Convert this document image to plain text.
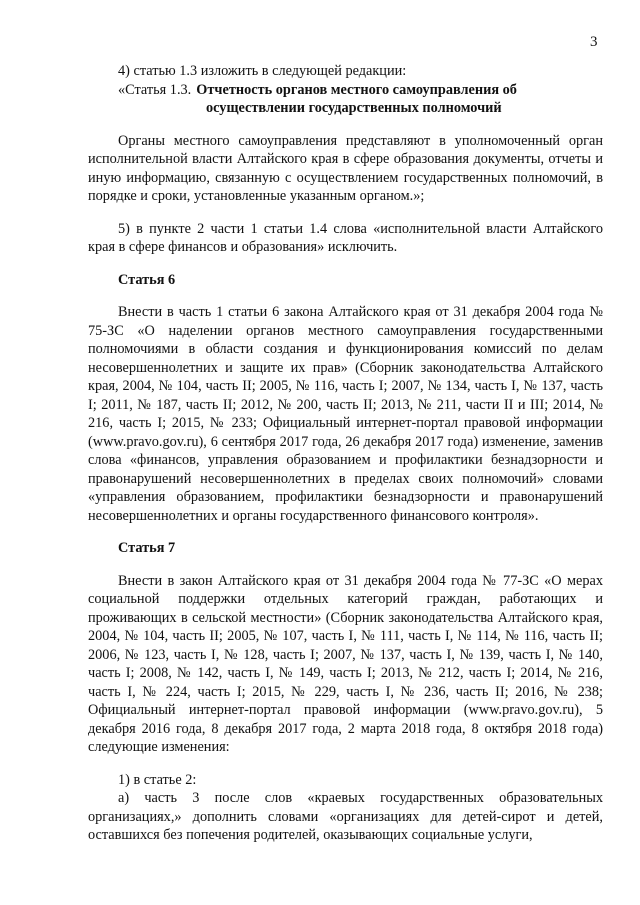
3

4) статью 1.3 изложить в следующей редакции:

«Статья 1.3. Отчетность органов местного самоуправления об
осуществлении государственных полномочий

Органы местного самоуправления представляют в уполномоченный орган исполнительной власти Алтайского края в сфере образования документы, отчеты и иную информацию, связанную с осуществлением государственных полномочий, в порядке и сроки, установленные указанным органом.»;

5) в пункте 2 части 1 статьи 1.4 слова «исполнительной власти Алтайского края в сфере финансов и образования» исключить.

Статья 6

Внести в часть 1 статьи 6 закона Алтайского края от 31 декабря 2004 года № 75-ЗС «О наделении органов местного самоуправления государственными полномочиями в области создания и функционирования комиссий по делам несовершеннолетних и защите их прав» (Сборник законодательства Алтайского края, 2004, № 104, часть II; 2005, № 116, часть I; 2007, № 134, часть I, № 137, часть I; 2011, № 187, часть II; 2012, № 200, часть II; 2013, № 211, части II и III; 2014, № 216, часть I; 2015, № 233; Официальный интернет-портал правовой информации (www.pravo.gov.ru), 6 сентября 2017 года, 26 декабря 2017 года) изменение, заменив слова «финансов, управления образованием и профилактики безнадзорности и правонарушений несовершеннолетних в пределах своих полномочий» словами «управления образованием, профилактики безнадзорности и правонарушений несовершеннолетних и органы государственного финансового контроля».

Статья 7

Внести в закон Алтайского края от 31 декабря 2004 года № 77-ЗС «О мерах социальной поддержки отдельных категорий граждан, работающих и проживающих в сельской местности» (Сборник законодательства Алтайского края, 2004, № 104, часть II; 2005, № 107, часть I, № 111, часть I, № 114, № 116, часть II; 2006, № 123, часть I, № 128, часть I; 2007, № 137, часть I, № 139, часть I, № 140, часть I; 2008, № 142, часть I, № 149, часть I; 2013, № 212, часть I; 2014, № 216, часть I, № 224, часть I; 2015, № 229, часть I, № 236, часть II; 2016, № 238; Официальный интернет-портал правовой информации (www.pravo.gov.ru), 5 декабря 2016 года, 8 декабря 2017 года, 2 марта 2018 года, 8 октября 2018 года) следующие изменения:

1) в статье 2:

а) часть 3 после слов «краевых государственных образовательных организациях,» дополнить словами «организациях для детей-сирот и детей, оставшихся без попечения родителей, оказывающих социальные услуги,
